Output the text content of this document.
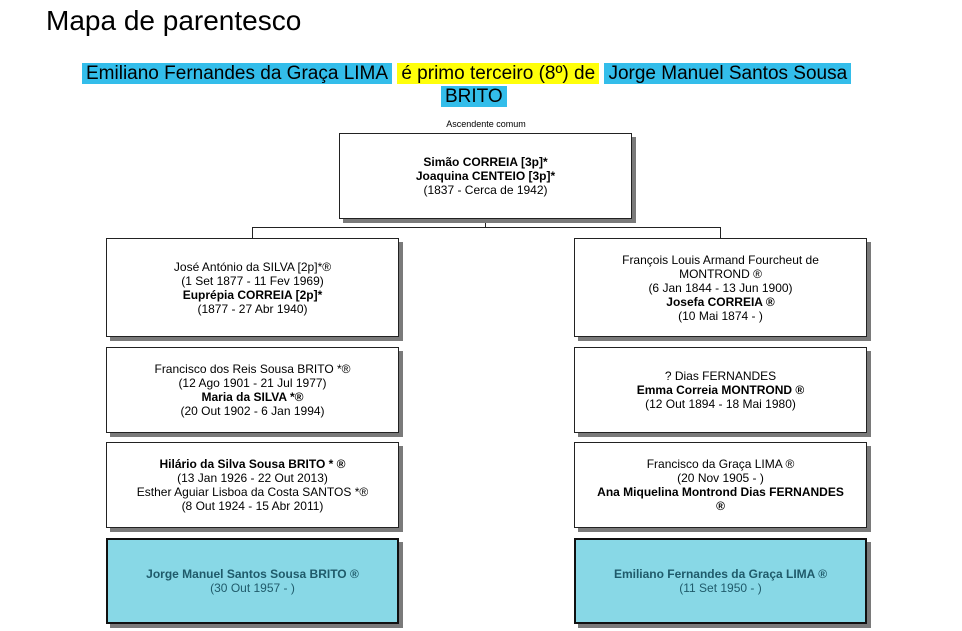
Mapa de parentesco
Emiliano Fernandes da Graça LIMA é primo terceiro (8º) de Jorge Manuel Santos Sousa
BRITO
Ascendente comum
Simão CORREIA [3p]*
Joaquina CENTEIO [3p]*
(1837 - Cerca de 1942)
José António da SILVA [2p]*®
(1 Set 1877 - 11 Fev 1969)
Euprépia CORREIA [2p]*
(1877 - 27 Abr 1940)
Francisco dos Reis Sousa BRITO *®
(12 Ago 1901 - 21 Jul 1977)
Maria da SILVA *®
(20 Out 1902 - 6 Jan 1994)
Hilário da Silva Sousa BRITO * ®
(13 Jan 1926 - 22 Out 2013)
Esther Aguiar Lisboa da Costa SANTOS *®
(8 Out 1924 - 15 Abr 2011)
Jorge Manuel Santos Sousa BRITO ®
(30 Out 1957 - )
François Louis Armand Fourcheut de
MONTROND ®
(6 Jan 1844 - 13 Jun 1900)
Josefa CORREIA ®
(10 Mai 1874 - )
? Dias FERNANDES
Emma Correia MONTROND ®
(12 Out 1894 - 18 Mai 1980)
Francisco da Graça LIMA ®
(20 Nov 1905 - )
Ana Miquelina Montrond Dias FERNANDES
®
Emiliano Fernandes da Graça LIMA ®
(11 Set 1950 - )
